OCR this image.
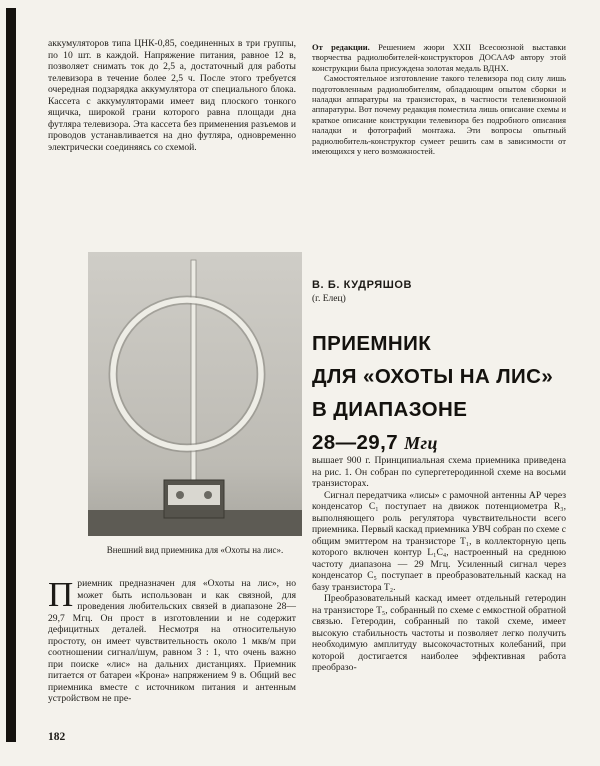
аккумуляторов типа ЦНК-0,85, соединенных в три группы, по 10 шт. в каждой. Напряжение питания, равное 12 в, позволяет снимать ток до 2,5 а, достаточный для работы телевизора в течение более 2,5 ч. После этого требуется очередная подзарядка аккумулятора от специального блока. Кассета с аккумуляторами имеет вид плоского тонкого ящичка, широкой грани которого равна площади дна футляра телевизора. Эта кассета без применения разъемов и проводов устанавливается на дно футляра, одновременно электрически соединяясь со схемой.

От редакции. Решением жюри XXII Всесоюзной выставки творчества радиолюбителей-конструкторов ДОСААФ автору этой конструкции была присуждена золотая медаль ВДНХ.

Самостоятельное изготовление такого телевизора под силу лишь подготовленным радиолюбителям, обладающим опытом сборки и наладки аппаратуры на транзисторах, в частности телевизионной аппаратуры. Вот почему редакция поместила лишь описание схемы и краткое описание конструкции телевизора без подробного описания наладки и фотографий монтажа. Эти вопросы опытный радиолюбитель-конструктор сумеет решить сам в зависимости от имеющихся у него возможностей.

Внешний вид приемника для «Охоты на лис».
В. Б. КУДРЯШОВ
(г. Елец)
ПРИЕМНИК
ДЛЯ «ОХОТЫ НА ЛИС»
В ДИАПАЗОНЕ
28—29,7 Мгц

вышает 900 г. Принципиальная схема приемника приведена на рис. 1. Он собран по супергетеродинной схеме на восьми транзисторах.

Сигнал передатчика «лисы» с рамочной антенны АР через конденсатор C₁ поступает на движок потенциометра R₃, выполняющего роль регулятора чувствительности всего приемника. Первый каскад приемника УВЧ собран по схеме с общим эмиттером на транзисторе T₁, в коллекторную цепь которого включен контур L₁C₄, настроенный на среднюю частоту диапазона — 29 Мгц. Усиленный сигнал через конденсатор C₅ поступает в преобразовательный каскад на базу транзистора T₂.

Преобразовательный каскад имеет отдельный гетеродин на транзисторе T₅, собранный по схеме с емкостной обратной связью. Гетеродин, собранный по такой схеме, имеет высокую стабильность частоты и позволяет легко получить необходимую амплитуду высокочастотных колебаний, при которой достигается наиболее эффективная работа преобразо-

Приемник предназначен для «Охоты на лис», но может быть использован и как связной, для проведения любительских связей в диапазоне 28—29,7 Мгц. Он прост в изготовлении и не содержит дефицитных деталей. Несмотря на относительную простоту, он имеет чувствительность около 1 мкв/м при соотношении сигнал/шум, равном 3 : 1, что очень важно при поиске «лис» на дальних дистанциях. Приемник питается от батареи «Крона» напряжением 9 в. Общий вес приемника вместе с источником питания и антенным устройством не пре-

182
